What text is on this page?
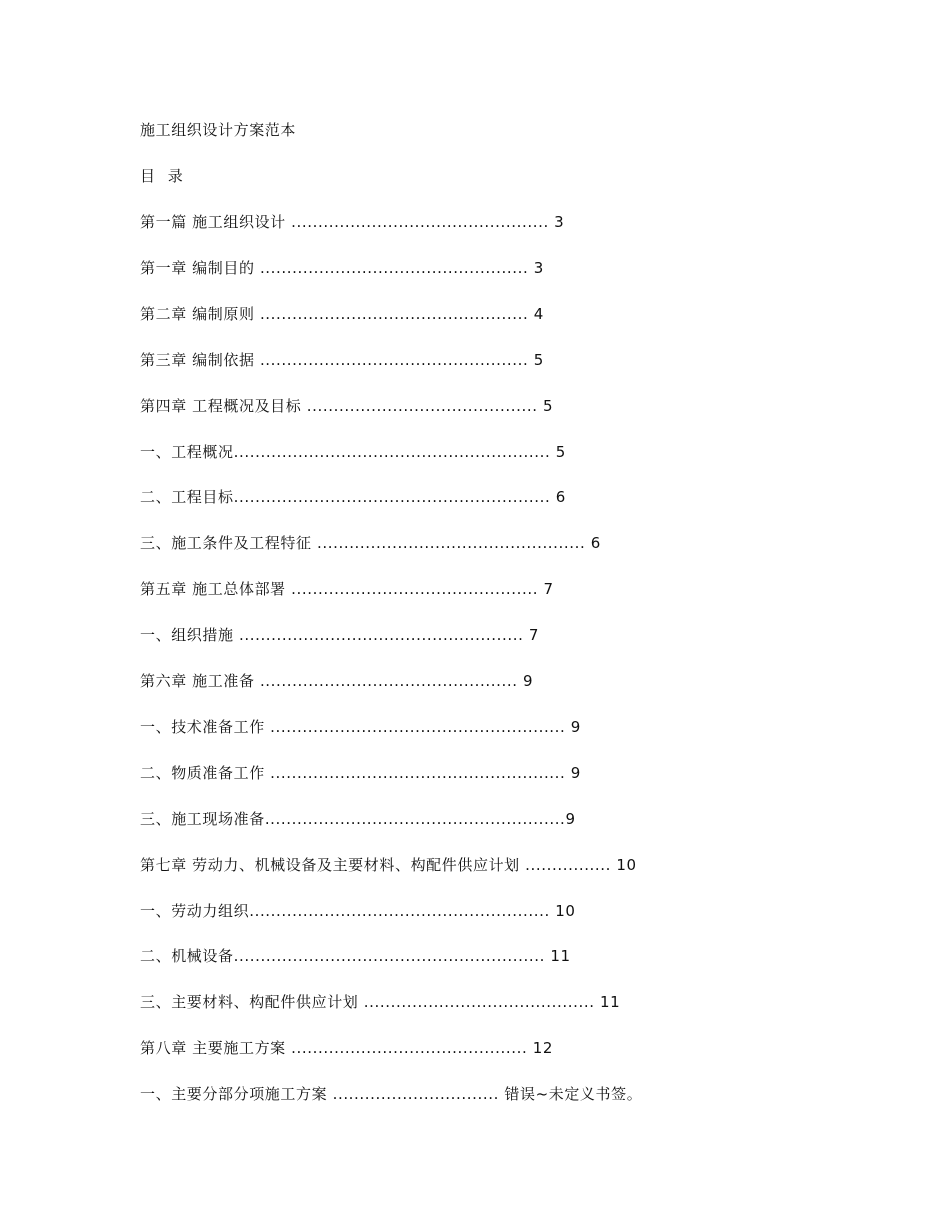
施工组织设计方案范本
目 录
第一篇 施工组织设计 ................................................ 3
第一章 编制目的 .................................................. 3
第二章 编制原则 .................................................. 4
第三章 编制依据 .................................................. 5
第四章 工程概况及目标 ........................................... 5
一、工程概况........................................................... 5
二、工程目标........................................................... 6
三、施工条件及工程特征 .................................................. 6
第五章 施工总体部署 .............................................. 7
一、组织措施 ..................................................... 7
第六章 施工准备 ................................................ 9
一、技术准备工作 ....................................................... 9
二、物质准备工作 ....................................................... 9
三、施工现场准备........................................................9
第七章 劳动力、机械设备及主要材料、构配件供应计划 ................ 10
一、劳动力组织........................................................ 10
二、机械设备.......................................................... 11
三、主要材料、构配件供应计划 ........................................... 11
第八章 主要施工方案 ............................................ 12
一、主要分部分项施工方案 ............................... 错误~未定义书签。
